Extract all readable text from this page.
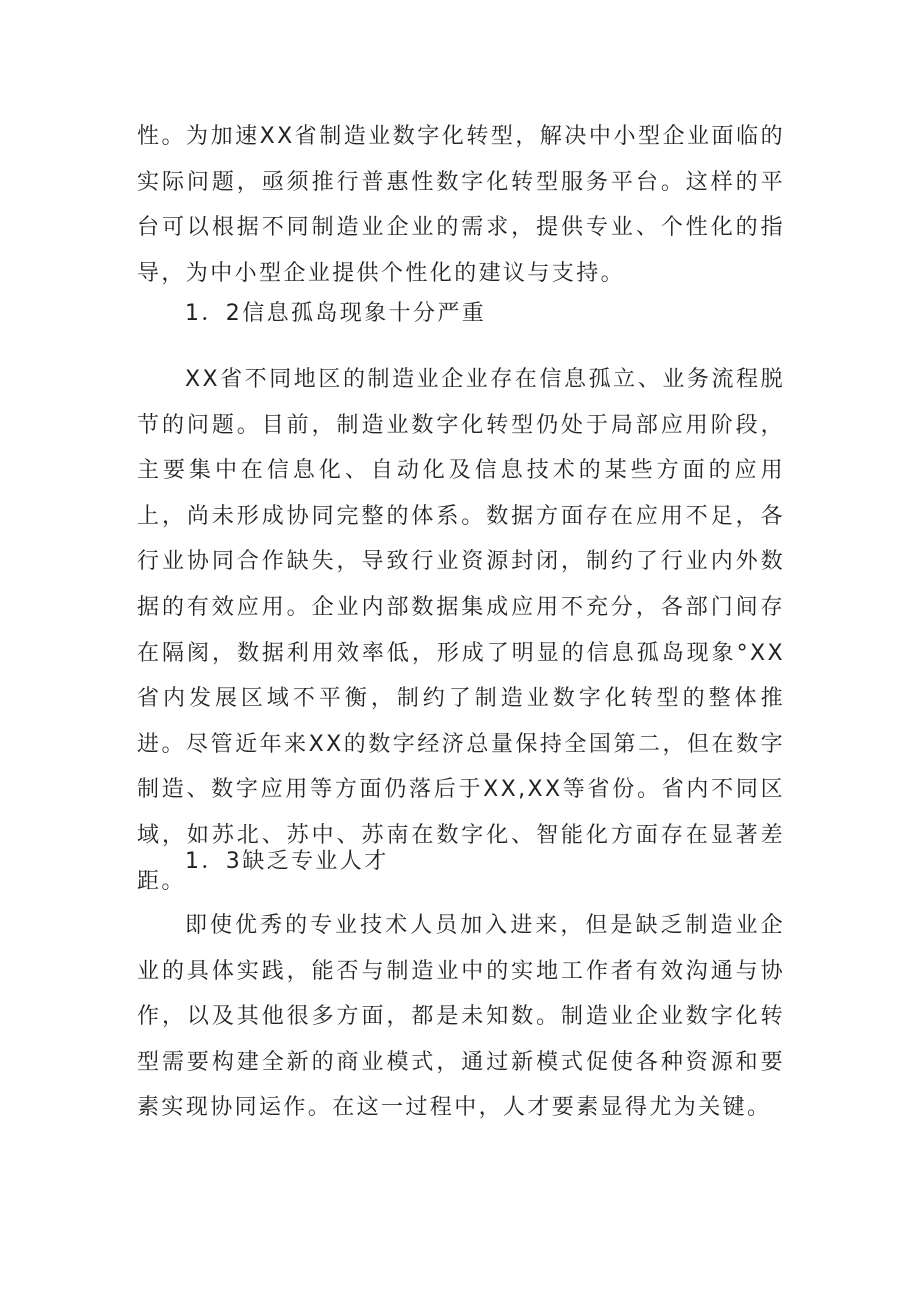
性。为加速XX省制造业数字化转型，解决中小型企业面临的实际问题，亟须推行普惠性数字化转型服务平台。这样的平台可以根据不同制造业企业的需求，提供专业、个性化的指导，为中小型企业提供个性化的建议与支持。

1．2信息孤岛现象十分严重

XX省不同地区的制造业企业存在信息孤立、业务流程脱节的问题。目前，制造业数字化转型仍处于局部应用阶段，主要集中在信息化、自动化及信息技术的某些方面的应用上，尚未形成协同完整的体系。数据方面存在应用不足，各行业协同合作缺失，导致行业资源封闭，制约了行业内外数据的有效应用。企业内部数据集成应用不充分，各部门间存在隔阂，数据利用效率低，形成了明显的信息孤岛现象°XX省内发展区域不平衡，制约了制造业数字化转型的整体推进。尽管近年来XX的数字经济总量保持全国第二，但在数字制造、数字应用等方面仍落后于XX,XX等省份。省内不同区域，如苏北、苏中、苏南在数字化、智能化方面存在显著差距。

1．3缺乏专业人才

即使优秀的专业技术人员加入进来，但是缺乏制造业企业的具体实践，能否与制造业中的实地工作者有效沟通与协作，以及其他很多方面，都是未知数。制造业企业数字化转型需要构建全新的商业模式，通过新模式促使各种资源和要素实现协同运作。在这一过程中，人才要素显得尤为关键。
